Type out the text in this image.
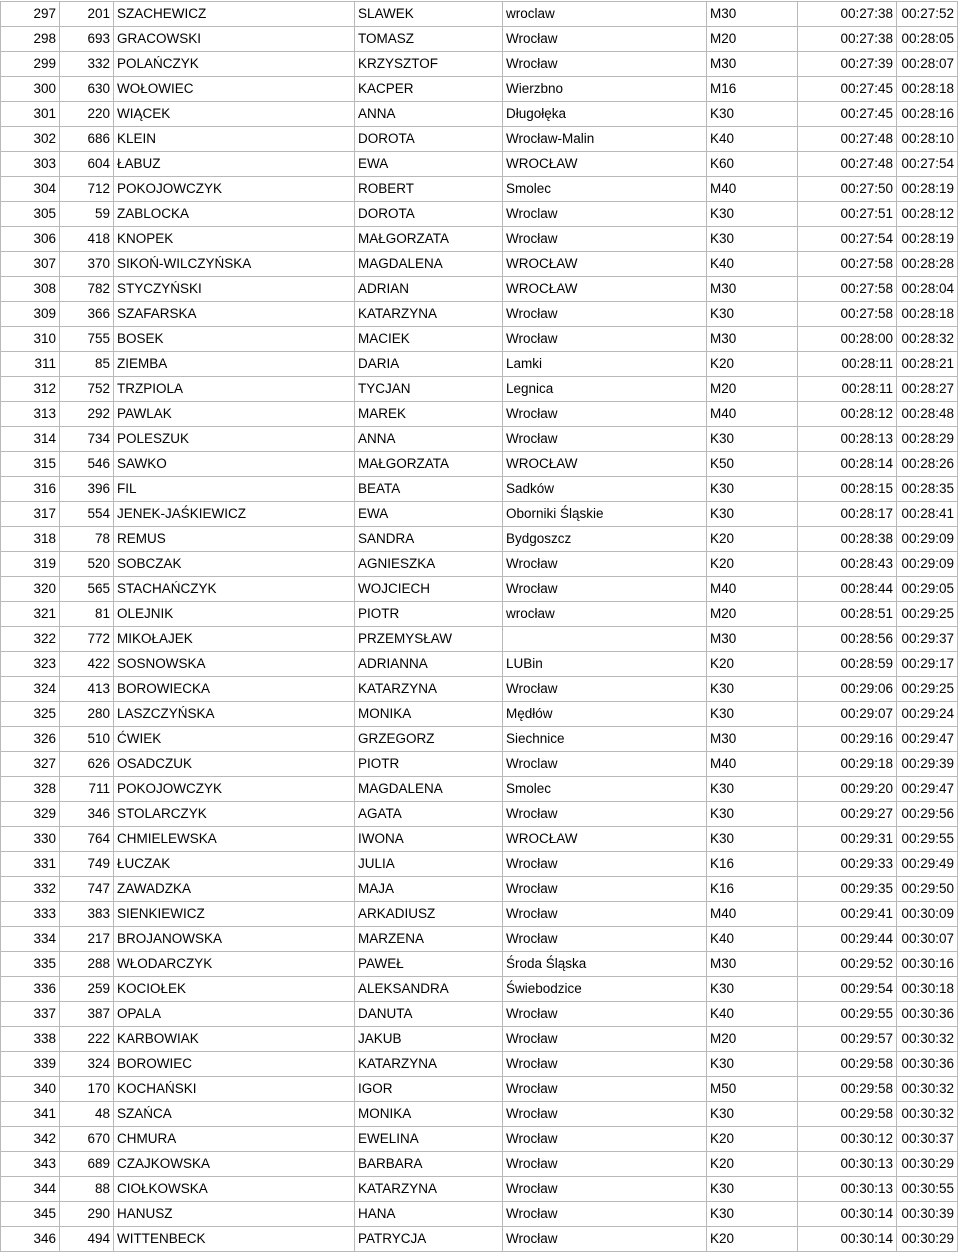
297	201	SZACHEWICZ	SLAWEK	wroclaw	M30	00:27:38	00:27:52
298	693	GRACOWSKI	TOMASZ	Wrocław	M20	00:27:38	00:28:05
299	332	POLAŃCZYK	KRZYSZTOF	Wrocław	M30	00:27:39	00:28:07
300	630	WOŁOWIEC	KACPER	Wierzbno	M16	00:27:45	00:28:18
301	220	WIĄCEK	ANNA	Długołęka	K30	00:27:45	00:28:16
302	686	KLEIN	DOROTA	Wrocław-Malin	K40	00:27:48	00:28:10
303	604	ŁABUZ	EWA	WROCŁAW	K60	00:27:48	00:27:54
304	712	POKOJOWCZYK	ROBERT	Smolec	M40	00:27:50	00:28:19
305	59	ZABLOCKA	DOROTA	Wroclaw	K30	00:27:51	00:28:12
306	418	KNOPEK	MAŁGORZATA	Wrocław	K30	00:27:54	00:28:19
307	370	SIKOŃ-WILCZYŃSKA	MAGDALENA	WROCŁAW	K40	00:27:58	00:28:28
308	782	STYCZYŃSKI	ADRIAN	WROCŁAW	M30	00:27:58	00:28:04
309	366	SZAFARSKA	KATARZYNA	Wrocław	K30	00:27:58	00:28:18
310	755	BOSEK	MACIEK	Wrocław	M30	00:28:00	00:28:32
311	85	ZIEMBA	DARIA	Lamki	K20	00:28:11	00:28:21
312	752	TRZPIOLA	TYCJAN	Legnica	M20	00:28:11	00:28:27
313	292	PAWLAK	MAREK	Wrocław	M40	00:28:12	00:28:48
314	734	POLESZUK	ANNA	Wrocław	K30	00:28:13	00:28:29
315	546	SAWKO	MAŁGORZATA	WROCŁAW	K50	00:28:14	00:28:26
316	396	FIL	BEATA	Sadków	K30	00:28:15	00:28:35
317	554	JENEK-JAŚKIEWICZ	EWA	Oborniki Śląskie	K30	00:28:17	00:28:41
318	78	REMUS	SANDRA	Bydgoszcz	K20	00:28:38	00:29:09
319	520	SOBCZAK	AGNIESZKA	Wrocław	K20	00:28:43	00:29:09
320	565	STACHAŃCZYK	WOJCIECH	Wrocław	M40	00:28:44	00:29:05
321	81	OLEJNIK	PIOTR	wrocław	M20	00:28:51	00:29:25
322	772	MIKOŁAJEK	PRZEMYSŁAW		M30	00:28:56	00:29:37
323	422	SOSNOWSKA	ADRIANNA	LUBin	K20	00:28:59	00:29:17
324	413	BOROWIECKA	KATARZYNA	Wrocław	K30	00:29:06	00:29:25
325	280	LASZCZYŃSKA	MONIKA	Mędłów	K30	00:29:07	00:29:24
326	510	ĆWIEK	GRZEGORZ	Siechnice	M30	00:29:16	00:29:47
327	626	OSADCZUK	PIOTR	Wroclaw	M40	00:29:18	00:29:39
328	711	POKOJOWCZYK	MAGDALENA	Smolec	K30	00:29:20	00:29:47
329	346	STOLARCZYK	AGATA	Wrocław	K30	00:29:27	00:29:56
330	764	CHMIELEWSKA	IWONA	WROCŁAW	K30	00:29:31	00:29:55
331	749	ŁUCZAK	JULIA	Wrocław	K16	00:29:33	00:29:49
332	747	ZAWADZKA	MAJA	Wrocław	K16	00:29:35	00:29:50
333	383	SIENKIEWICZ	ARKADIUSZ	Wrocław	M40	00:29:41	00:30:09
334	217	BROJANOWSKA	MARZENA	Wrocław	K40	00:29:44	00:30:07
335	288	WŁODARCZYK	PAWEŁ	Środa Śląska	M30	00:29:52	00:30:16
336	259	KOCIOŁEK	ALEKSANDRA	Świebodzice	K30	00:29:54	00:30:18
337	387	OPALA	DANUTA	Wrocław	K40	00:29:55	00:30:36
338	222	KARBOWIAK	JAKUB	Wrocław	M20	00:29:57	00:30:32
339	324	BOROWIEC	KATARZYNA	Wrocław	K30	00:29:58	00:30:36
340	170	KOCHAŃSKI	IGOR	Wrocław	M50	00:29:58	00:30:32
341	48	SZAŃCA	MONIKA	Wrocław	K30	00:29:58	00:30:32
342	670	CHMURA	EWELINA	Wrocław	K20	00:30:12	00:30:37
343	689	CZAJKOWSKA	BARBARA	Wrocław	K20	00:30:13	00:30:29
344	88	CIOŁKOWSKA	KATARZYNA	Wrocław	K30	00:30:13	00:30:55
345	290	HANUSZ	HANA	Wrocław	K30	00:30:14	00:30:39
346	494	WITTENBECK	PATRYCJA	Wrocław	K20	00:30:14	00:30:29
